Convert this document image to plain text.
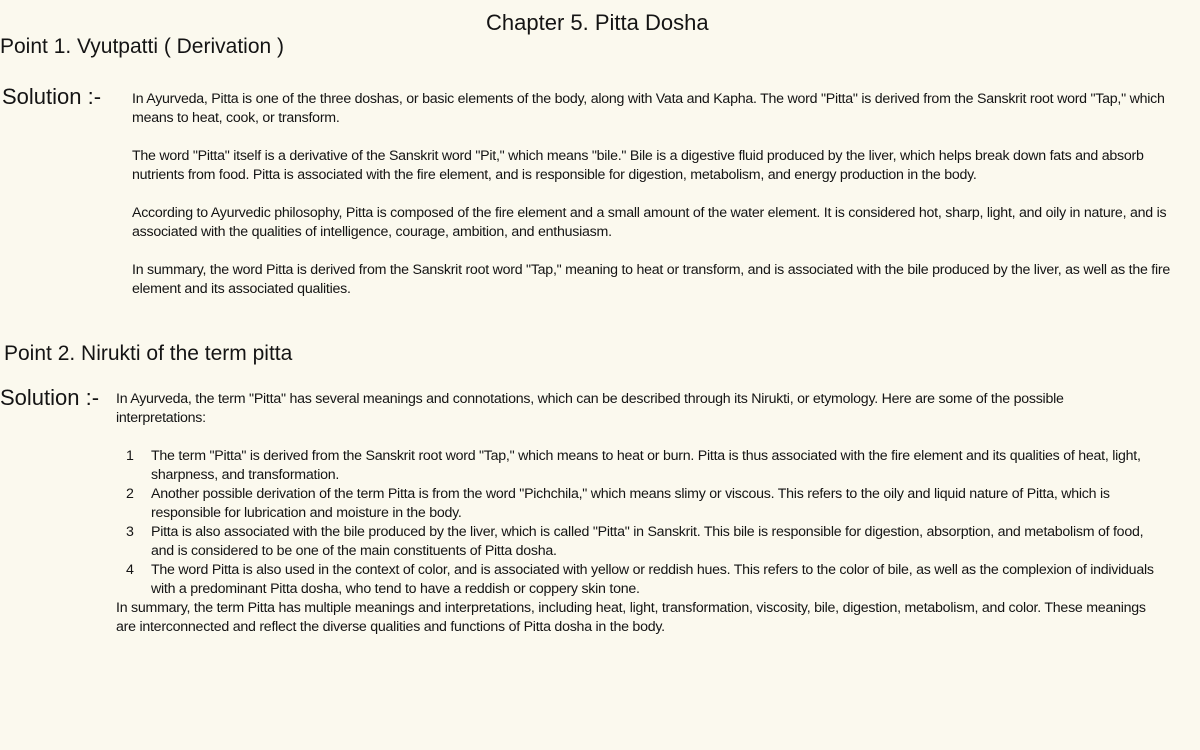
Chapter 5. Pitta Dosha
Point 1. Vyutpatti ( Derivation )
Solution :- In Ayurveda, Pitta is one of the three doshas, or basic elements of the body, along with Vata and Kapha. The word "Pitta" is derived from the Sanskrit root word "Tap," which means to heat, cook, or transform.

The word "Pitta" itself is a derivative of the Sanskrit word "Pit," which means "bile." Bile is a digestive fluid produced by the liver, which helps break down fats and absorb nutrients from food. Pitta is associated with the fire element, and is responsible for digestion, metabolism, and energy production in the body.

According to Ayurvedic philosophy, Pitta is composed of the fire element and a small amount of the water element. It is considered hot, sharp, light, and oily in nature, and is associated with the qualities of intelligence, courage, ambition, and enthusiasm.

In summary, the word Pitta is derived from the Sanskrit root word "Tap," meaning to heat or transform, and is associated with the bile produced by the liver, as well as the fire element and its associated qualities.

Point 2. Nirukti of the term pitta
Solution :- In Ayurveda, the term "Pitta" has several meanings and connotations, which can be described through its Nirukti, or etymology. Here are some of the possible interpretations:

1 The term "Pitta" is derived from the Sanskrit root word "Tap," which means to heat or burn. Pitta is thus associated with the fire element and its qualities of heat, light, sharpness, and transformation.
2 Another possible derivation of the term Pitta is from the word "Pichchila," which means slimy or viscous. This refers to the oily and liquid nature of Pitta, which is responsible for lubrication and moisture in the body.
3 Pitta is also associated with the bile produced by the liver, which is called "Pitta" in Sanskrit. This bile is responsible for digestion, absorption, and metabolism of food, and is considered to be one of the main constituents of Pitta dosha.
4 The word Pitta is also used in the context of color, and is associated with yellow or reddish hues. This refers to the color of bile, as well as the complexion of individuals with a predominant Pitta dosha, who tend to have a reddish or coppery skin tone.

In summary, the term Pitta has multiple meanings and interpretations, including heat, light, transformation, viscosity, bile, digestion, metabolism, and color. These meanings are interconnected and reflect the diverse qualities and functions of Pitta dosha in the body.
